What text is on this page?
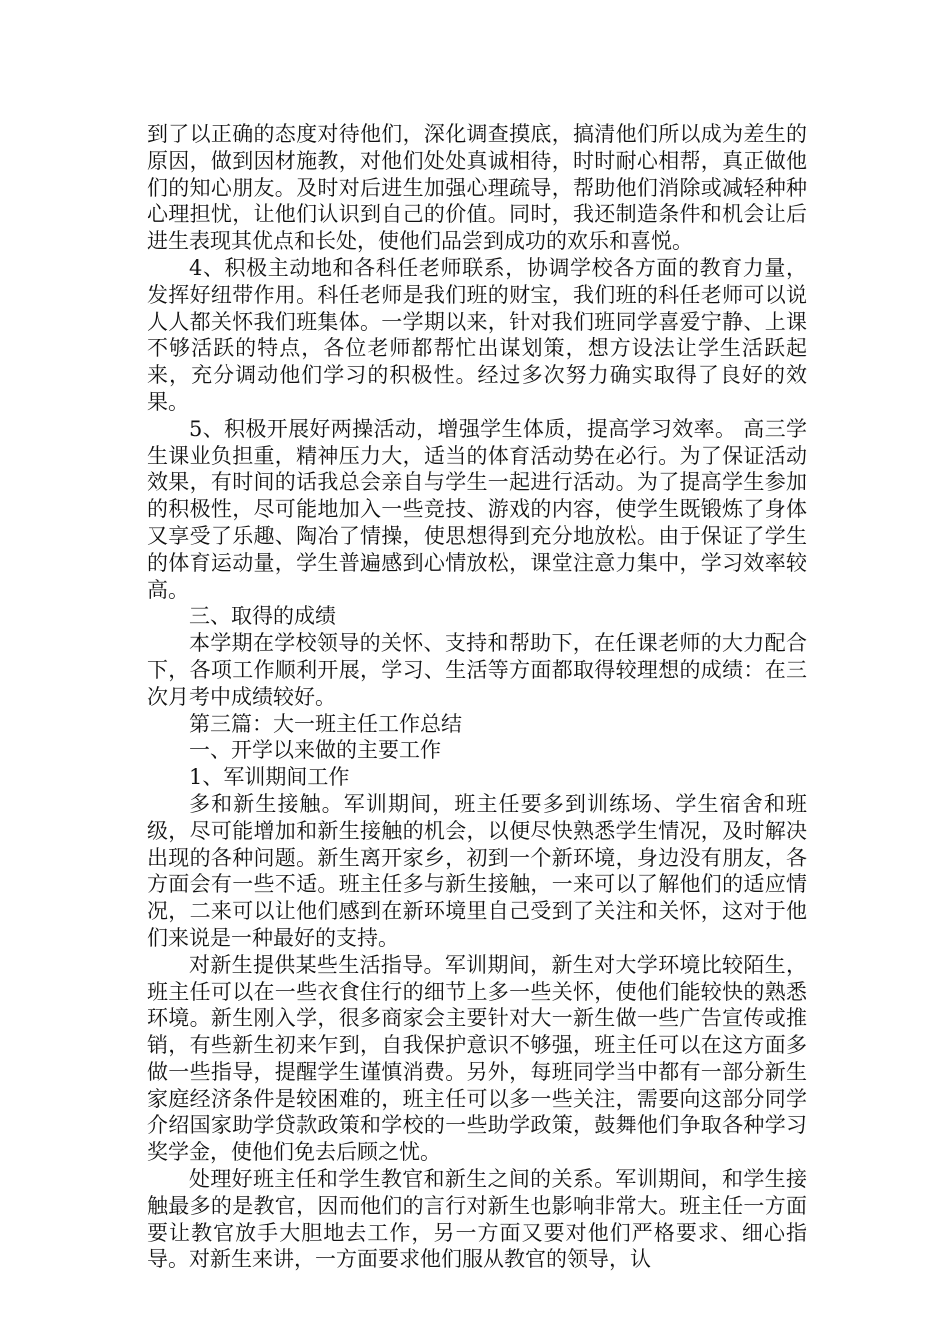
到了以正确的态度对待他们，深化调查摸底，搞清他们所以成为差生的原因，做到因材施教，对他们处处真诚相待，时时耐心相帮，真正做他们的知心朋友。及时对后进生加强心理疏导，帮助他们消除或减轻种种心理担忧，让他们认识到自己的价值。同时，我还制造条件和机会让后进生表现其优点和长处，使他们品尝到成功的欢乐和喜悦。

4、积极主动地和各科任老师联系，协调学校各方面的教育力量，发挥好纽带作用。科任老师是我们班的财宝，我们班的科任老师可以说人人都关怀我们班集体。一学期以来，针对我们班同学喜爱宁静、上课不够活跃的特点，各位老师都帮忙出谋划策，想方设法让学生活跃起来，充分调动他们学习的积极性。经过多次努力确实取得了良好的效果。

5、积极开展好两操活动，增强学生体质，提高学习效率。 高三学生课业负担重，精神压力大，适当的体育活动势在必行。为了保证活动效果，有时间的话我总会亲自与学生一起进行活动。为了提高学生参加的积极性，尽可能地加入一些竞技、游戏的内容，使学生既锻炼了身体又享受了乐趣、陶冶了情操，使思想得到充分地放松。由于保证了学生的体育运动量，学生普遍感到心情放松，课堂注意力集中，学习效率较高。

三、取得的成绩

本学期在学校领导的关怀、支持和帮助下，在任课老师的大力配合下，各项工作顺利开展，学习、生活等方面都取得较理想的成绩：在三次月考中成绩较好。

第三篇：大一班主任工作总结

一、开学以来做的主要工作

1、军训期间工作

多和新生接触。军训期间，班主任要多到训练场、学生宿舍和班级，尽可能增加和新生接触的机会，以便尽快熟悉学生情况，及时解决出现的各种问题。新生离开家乡，初到一个新环境，身边没有朋友，各方面会有一些不适。班主任多与新生接触，一来可以了解他们的适应情况，二来可以让他们感到在新环境里自己受到了关注和关怀，这对于他们来说是一种最好的支持。

对新生提供某些生活指导。军训期间，新生对大学环境比较陌生，班主任可以在一些衣食住行的细节上多一些关怀，使他们能较快的熟悉环境。新生刚入学，很多商家会主要针对大一新生做一些广告宣传或推销，有些新生初来乍到，自我保护意识不够强，班主任可以在这方面多做一些指导，提醒学生谨慎消费。另外，每班同学当中都有一部分新生家庭经济条件是较困难的，班主任可以多一些关注，需要向这部分同学介绍国家助学贷款政策和学校的一些助学政策，鼓舞他们争取各种学习奖学金，使他们免去后顾之忧。

处理好班主任和学生教官和新生之间的关系。军训期间，和学生接触最多的是教官，因而他们的言行对新生也影响非常大。班主任一方面要让教官放手大胆地去工作，另一方面又要对他们严格要求、细心指导。对新生来讲，一方面要求他们服从教官的领导，认
